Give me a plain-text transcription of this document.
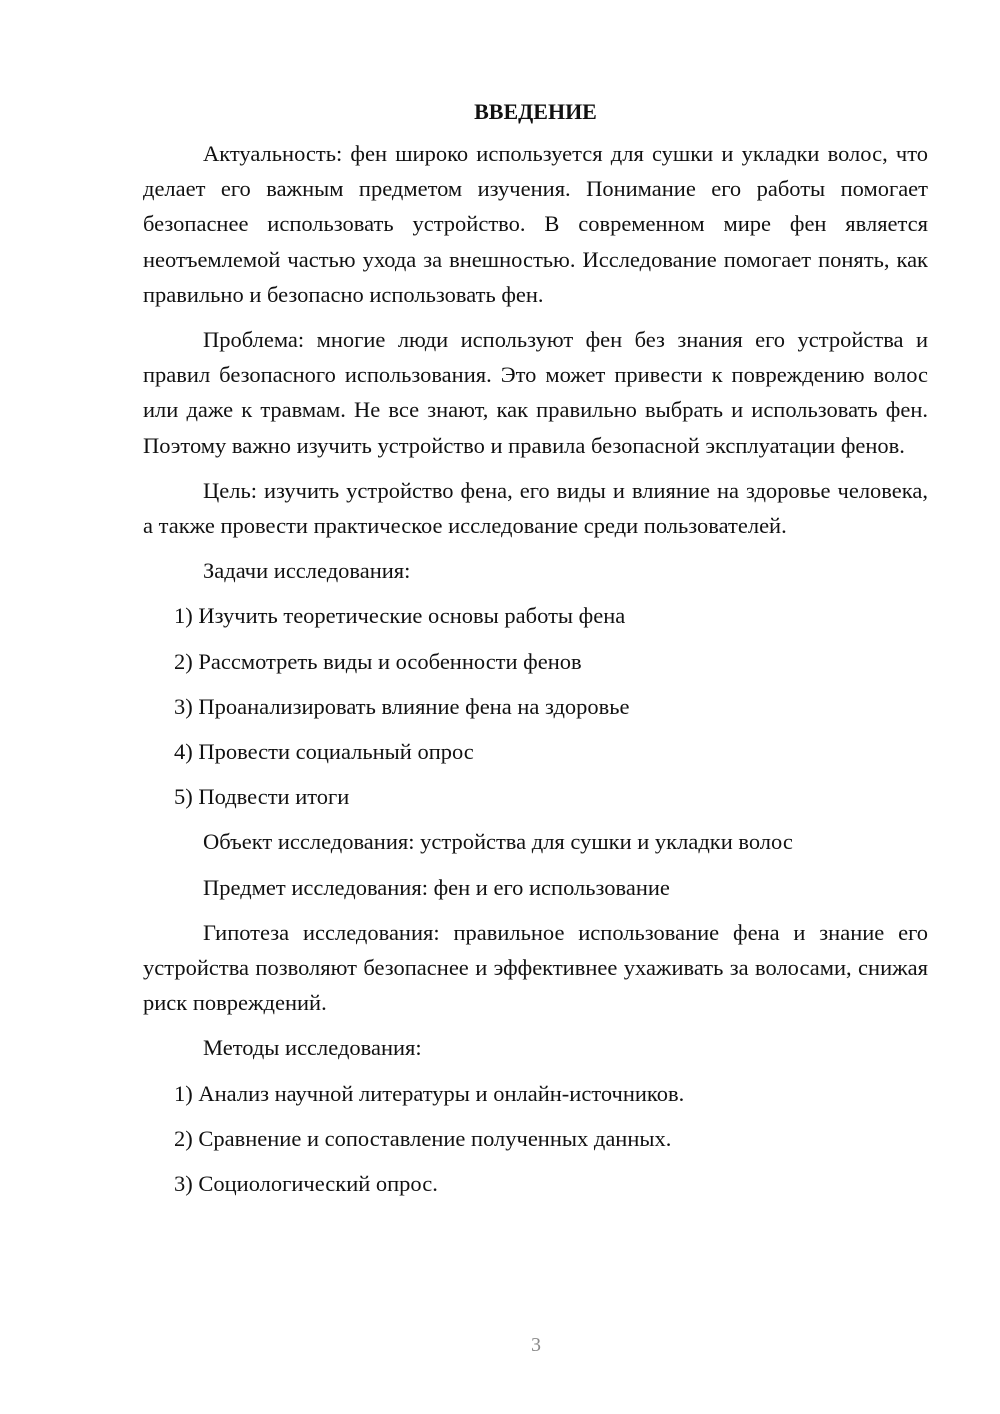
ВВЕДЕНИЕ

Актуальность: фен широко используется для сушки и укладки волос, что делает его важным предметом изучения. Понимание его работы помогает безопаснее использовать устройство. В современном мире фен является неотъемлемой частью ухода за внешностью. Исследование помогает понять, как правильно и безопасно использовать фен.

Проблема: многие люди используют фен без знания его устройства и правил безопасного использования. Это может привести к повреждению волос или даже к травмам. Не все знают, как правильно выбрать и использовать фен. Поэтому важно изучить устройство и правила безопасной эксплуатации фенов.

Цель: изучить устройство фена, его виды и влияние на здоровье человека, а также провести практическое исследование среди пользователей.

Задачи исследования:

1) Изучить теоретические основы работы фена

2) Рассмотреть виды и особенности фенов

3) Проанализировать влияние фена на здоровье

4) Провести социальный опрос

5) Подвести итоги

Объект исследования: устройства для сушки и укладки волос

Предмет исследования: фен и его использование

Гипотеза исследования: правильное использование фена и знание его устройства позволяют безопаснее и эффективнее ухаживать за волосами, снижая риск повреждений.

Методы исследования:

1) Анализ научной литературы и онлайн-источников.

2) Сравнение и сопоставление полученных данных.

3) Социологический опрос.

3
